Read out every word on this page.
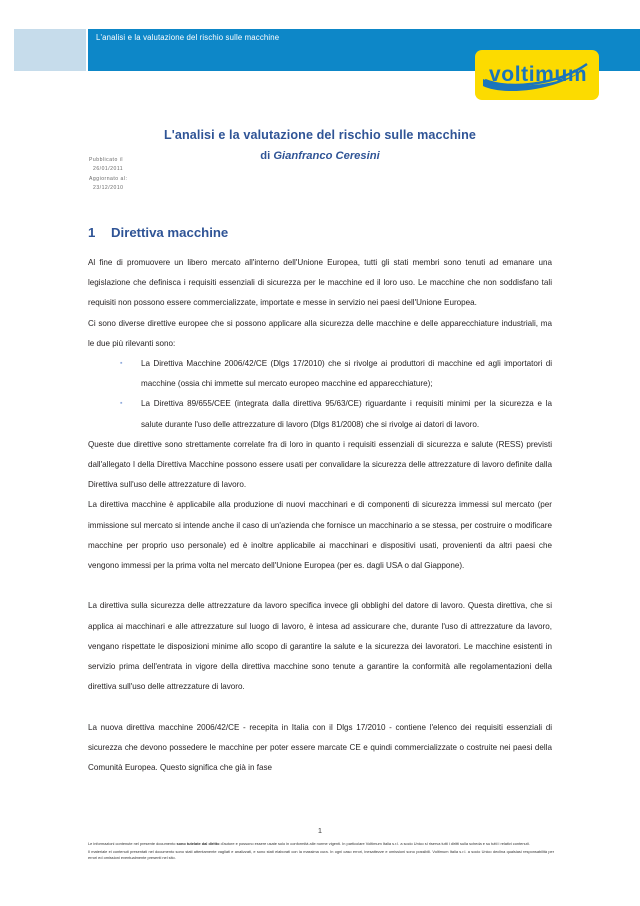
L'analisi e la valutazione del rischio sulle macchine
voltimum
L'analisi e la valutazione del rischio sulle macchine
di Gianfranco Ceresini
Pubblicato il
26/01/2011
Aggiornato al:
23/12/2010
1 Direttiva macchine

Al fine di promuovere un libero mercato all'interno dell'Unione Europea, tutti gli stati membri sono tenuti ad emanare una legislazione che definisca i requisiti essenziali di sicurezza per le macchine ed il loro uso. Le macchine che non soddisfano tali requisiti non possono essere commercializzate, importate e messe in servizio nei paesi dell'Unione Europea.

Ci sono diverse direttive europee che si possono applicare alla sicurezza delle macchine e delle apparecchiature industriali, ma le due più rilevanti sono:

▪ La Direttiva Macchine 2006/42/CE (Dlgs 17/2010) che si rivolge ai produttori di macchine ed agli importatori di macchine (ossia chi immette sul mercato europeo macchine ed apparecchiature);
▪ La Direttiva 89/655/CEE (integrata dalla direttiva 95/63/CE) riguardante i requisiti minimi per la sicurezza e la salute durante l'uso delle attrezzature di lavoro (Dlgs 81/2008) che si rivolge ai datori di lavoro.

Queste due direttive sono strettamente correlate fra di loro in quanto i requisiti essenziali di sicurezza e salute (RESS) previsti dall'allegato I della Direttiva Macchine possono essere usati per convalidare la sicurezza delle attrezzature di lavoro definite dalla Direttiva sull'uso delle attrezzature di lavoro.

La direttiva macchine è applicabile alla produzione di nuovi macchinari e di componenti di sicurezza immessi sul mercato (per immissione sul mercato si intende anche il caso di un'azienda che fornisce un macchinario a se stessa, per costruire o modificare macchine per proprio uso personale) ed è inoltre applicabile ai macchinari e dispositivi usati, provenienti da altri paesi che vengono immessi per la prima volta nel mercato dell'Unione Europea (per es. dagli USA o dal Giappone).

La direttiva sulla sicurezza delle attrezzature da lavoro specifica invece gli obblighi del datore di lavoro. Questa direttiva, che si applica ai macchinari e alle attrezzature sul luogo di lavoro, è intesa ad assicurare che, durante l'uso di attrezzature da lavoro, vengano rispettate le disposizioni minime allo scopo di garantire la salute e la sicurezza dei lavoratori. Le macchine esistenti in servizio prima dell'entrata in vigore della direttiva macchine sono tenute a garantire la conformità alle regolamentazioni della direttiva sull'uso delle attrezzature di lavoro.

La nuova direttiva macchine 2006/42/CE - recepita in Italia con il Dlgs 17/2010 - contiene l'elenco dei requisiti essenziali di sicurezza che devono possedere le macchine per poter essere marcate CE e quindi commercializzate o costruite nei paesi della Comunità Europea. Questo significa che già in fase

1

Le informazioni contenute nel presente documento sono tutelate dal diritto d'autore e possono essere usate solo in conformità alle norme vigenti. In particolare Voltimum Italia s.r.l. a socio Unico si riserva tutti i diritti sulla scheda e su tutti i relativi contenuti.

Il materiale ei contenuti presentati nel documento sono stati attentamente vagliati e analizzati, e sono stati elaborati con la massima cura. In ogni caso errori, inesattezze e omissioni sono possibili. Voltimum Italia s.r.l. a socio Unico declina qualsiasi responsabilità per errori ed omissioni eventualmente presenti nel sito.
